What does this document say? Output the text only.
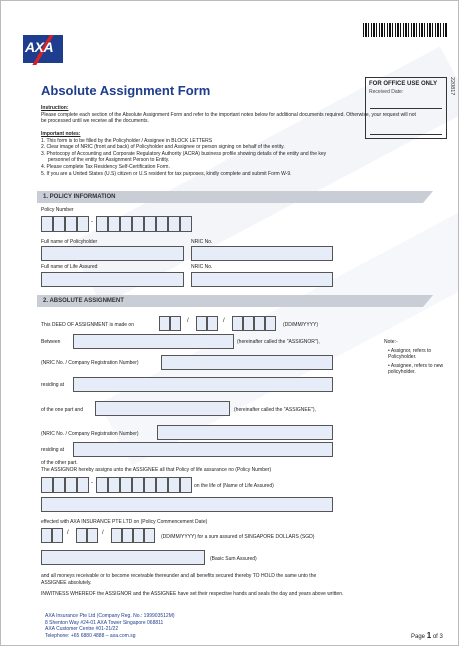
AXA
Absolute Assignment Form	FOR OFFICE USE ONLY
Received Date:	220817
Instruction:
Please complete each section of the Absolute Assignment Form and refer to the important notes below for additional documents required. Otherwise, your request will not be processed until we receive all the documents.
Important notes:
1. This form is to be filled by the Policyholder / Assignee in BLOCK LETTERS
2. Clear image of NRIC (front and back) of Policyholder and Assignee or person signing on behalf of the entity.
3. Photocopy of Accounting and Corporate Regulatory Authority (ACRA) business profile showing details of the entity and the key
personnel of the entity for Assignment Person to Entity.
4. Please complete Tax Residency Self-Certification Form.
5. If you are a United States (U.S) citizen or U.S resident for tax purposes, kindly complete and submit Form W-9.
1. POLICY INFORMATION
Policy Number
-
Full name of Policyholder	NRIC No.
Full name of Life Assured	NRIC No.
2. ABSOLUTE ASSIGNMENT
This DEED OF ASSIGNMENT is made on
/	/
(DD/MM/YYYY)
Between	(hereinafter called the "ASSIGNOR"),
(NRIC No. / Company Registration Number)
residing at
of the one part and	(hereinafter called the "ASSIGNEE"),
(NRIC No. / Company Registration Number)
residing at
of the other part.
The ASSIGNOR hereby assigns unto the ASSIGNEE all that Policy of life assurance no (Policy Number)
-	on the life of (Name of Life Assured)
effected with AXA INSURANCE PTE LTD on (Policy Commencement Date)
/	/
(DD/MM/YYYY) for a sum assured of SINGAPORE DOLLARS (SGD)
(Basic Sum Assured)
and all moneys receivable or to become receivable thereunder and all benefits secured thereby TO HOLD the same unto the
ASSIGNEE absolutely.
INWITNESS WHEREOF the ASSIGNOR and the ASSIGNEE have set their respective hands and seals the day and years above written.
Note:-
• Assignor, refers to Policyholder.
• Assignee, refers to new policyholder.
AXA Insurance Pte Ltd (Company Reg. No.: 199903512M)
8 Shenton Way #24-01 AXA Tower Singapore 068811
AXA Customer Centre #01-21/22
Telephone: +65 6880 4888 – axa.com.sg	Page 1 of 3
